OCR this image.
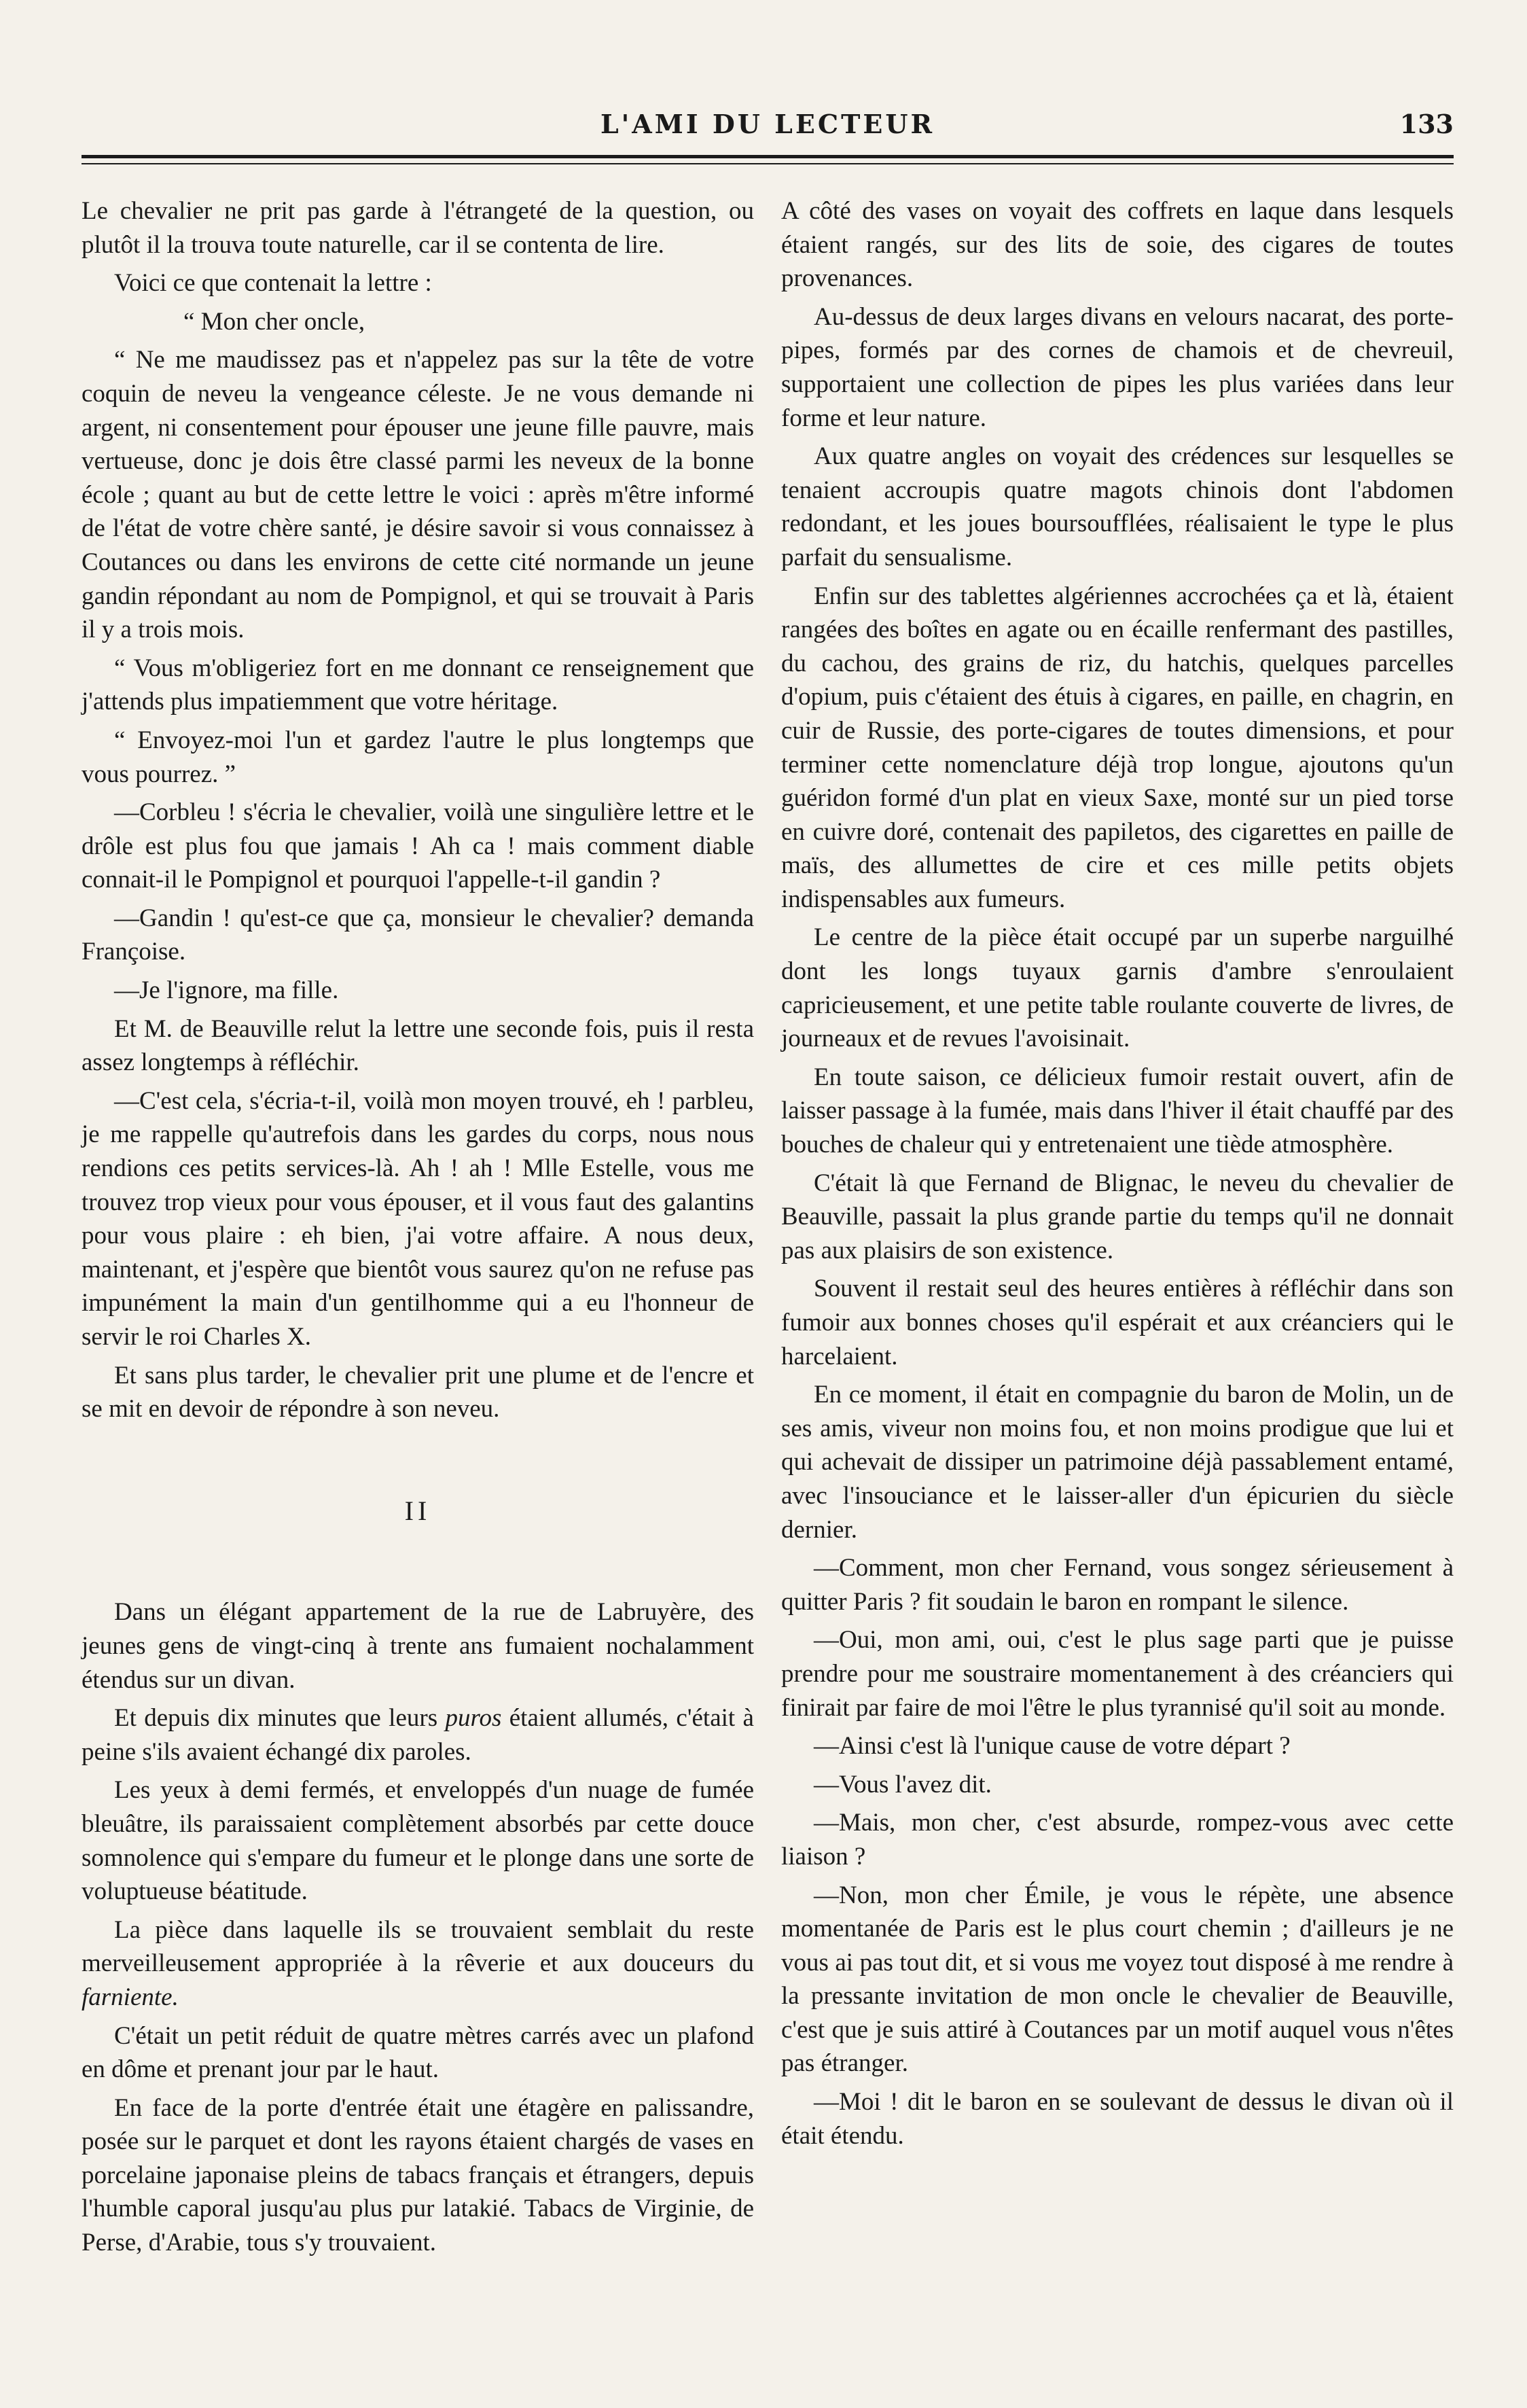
L'AMI DU LECTEUR	133

Le chevalier ne prit pas garde à l'étrangeté de la question, ou plutôt il la trouva toute naturelle, car il se contenta de lire.

Voici ce que contenait la lettre :

“ Mon cher oncle,

“ Ne me maudissez pas et n'appelez pas sur la tête de votre coquin de neveu la vengeance céleste. Je ne vous demande ni argent, ni consentement pour épouser une jeune fille pauvre, mais vertueuse, donc je dois être classé parmi les neveux de la bonne école ; quant au but de cette lettre le voici : après m'être informé de l'état de votre chère santé, je désire savoir si vous connaissez à Coutances ou dans les environs de cette cité normande un jeune gandin répondant au nom de Pompignol, et qui se trouvait à Paris il y a trois mois.

“ Vous m'obligeriez fort en me donnant ce renseignement que j'attends plus impatiemment que votre héritage.

“ Envoyez-moi l'un et gardez l'autre le plus longtemps que vous pourrez. ”

—Corbleu ! s'écria le chevalier, voilà une singulière lettre et le drôle est plus fou que jamais ! Ah ca ! mais comment diable connait-il le Pompignol et pourquoi l'appelle-t-il gandin ?

—Gandin ! qu'est-ce que ça, monsieur le chevalier? demanda Françoise.

—Je l'ignore, ma fille.

Et M. de Beauville relut la lettre une seconde fois, puis il resta assez longtemps à réfléchir.

—C'est cela, s'écria-t-il, voilà mon moyen trouvé, eh ! parbleu, je me rappelle qu'autrefois dans les gardes du corps, nous nous rendions ces petits services-là. Ah ! ah ! Mlle Estelle, vous me trouvez trop vieux pour vous épouser, et il vous faut des galantins pour vous plaire : eh bien, j'ai votre affaire. A nous deux, maintenant, et j'espère que bientôt vous saurez qu'on ne refuse pas impunément la main d'un gentilhomme qui a eu l'honneur de servir le roi Charles X.

Et sans plus tarder, le chevalier prit une plume et de l'encre et se mit en devoir de répondre à son neveu.

II

Dans un élégant appartement de la rue de Labruyère, des jeunes gens de vingt-cinq à trente ans fumaient nochalamment étendus sur un divan.

Et depuis dix minutes que leurs puros étaient allumés, c'était à peine s'ils avaient échangé dix paroles.

Les yeux à demi fermés, et enveloppés d'un nuage de fumée bleuâtre, ils paraissaient complètement absorbés par cette douce somnolence qui s'empare du fumeur et le plonge dans une sorte de voluptueuse béatitude.

La pièce dans laquelle ils se trouvaient semblait du reste merveilleusement appropriée à la rêverie et aux douceurs du farniente.

C'était un petit réduit de quatre mètres carrés avec un plafond en dôme et prenant jour par le haut.

En face de la porte d'entrée était une étagère en palissandre, posée sur le parquet et dont les rayons étaient chargés de vases en porcelaine japonaise pleins de tabacs français et étrangers, depuis l'humble caporal jusqu'au plus pur latakié. Tabacs de Virginie, de Perse, d'Arabie, tous s'y trouvaient.

A côté des vases on voyait des coffrets en laque dans lesquels étaient rangés, sur des lits de soie, des cigares de toutes provenances.

Au-dessus de deux larges divans en velours nacarat, des porte-pipes, formés par des cornes de chamois et de chevreuil, supportaient une collection de pipes les plus variées dans leur forme et leur nature.

Aux quatre angles on voyait des crédences sur lesquelles se tenaient accroupis quatre magots chinois dont l'abdomen redondant, et les joues boursoufflées, réalisaient le type le plus parfait du sensualisme.

Enfin sur des tablettes algériennes accrochées ça et là, étaient rangées des boîtes en agate ou en écaille renfermant des pastilles, du cachou, des grains de riz, du hatchis, quelques parcelles d'opium, puis c'étaient des étuis à cigares, en paille, en chagrin, en cuir de Russie, des porte-cigares de toutes dimensions, et pour terminer cette nomenclature déjà trop longue, ajoutons qu'un guéridon formé d'un plat en vieux Saxe, monté sur un pied torse en cuivre doré, contenait des papiletos, des cigarettes en paille de maïs, des allumettes de cire et ces mille petits objets indispensables aux fumeurs.

Le centre de la pièce était occupé par un superbe narguilhé dont les longs tuyaux garnis d'ambre s'enroulaient capricieusement, et une petite table roulante couverte de livres, de journeaux et de revues l'avoisinait.

En toute saison, ce délicieux fumoir restait ouvert, afin de laisser passage à la fumée, mais dans l'hiver il était chauffé par des bouches de chaleur qui y entretenaient une tiède atmosphère.

C'était là que Fernand de Blignac, le neveu du chevalier de Beauville, passait la plus grande partie du temps qu'il ne donnait pas aux plaisirs de son existence.

Souvent il restait seul des heures entières à réfléchir dans son fumoir aux bonnes choses qu'il espérait et aux créanciers qui le harcelaient.

En ce moment, il était en compagnie du baron de Molin, un de ses amis, viveur non moins fou, et non moins prodigue que lui et qui achevait de dissiper un patrimoine déjà passablement entamé, avec l'insouciance et le laisser-aller d'un épicurien du siècle dernier.

—Comment, mon cher Fernand, vous songez sérieusement à quitter Paris ? fit soudain le baron en rompant le silence.

—Oui, mon ami, oui, c'est le plus sage parti que je puisse prendre pour me soustraire momentanement à des créanciers qui finirait par faire de moi l'être le plus tyrannisé qu'il soit au monde.

—Ainsi c'est là l'unique cause de votre départ ?

—Vous l'avez dit.

—Mais, mon cher, c'est absurde, rompez-vous avec cette liaison ?

—Non, mon cher Émile, je vous le répète, une absence momentanée de Paris est le plus court chemin ; d'ailleurs je ne vous ai pas tout dit, et si vous me voyez tout disposé à me rendre à la pressante invitation de mon oncle le chevalier de Beauville, c'est que je suis attiré à Coutances par un motif auquel vous n'êtes pas étranger.

—Moi ! dit le baron en se soulevant de dessus le divan où il était étendu.
